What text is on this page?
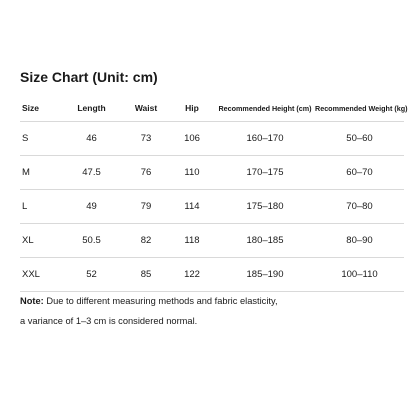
Size Chart (Unit: cm)
Size	Length	Waist	Hip	Recommended Height (cm)	Recommended Weight (kg)
S	46	73	106	160–170	50–60
M	47.5	76	110	170–175	60–70
L	49	79	114	175–180	70–80
XL	50.5	82	118	180–185	80–90
XXL	52	85	122	185–190	100–110
Note: Due to different measuring methods and fabric elasticity,
a variance of 1–3 cm is considered normal.
